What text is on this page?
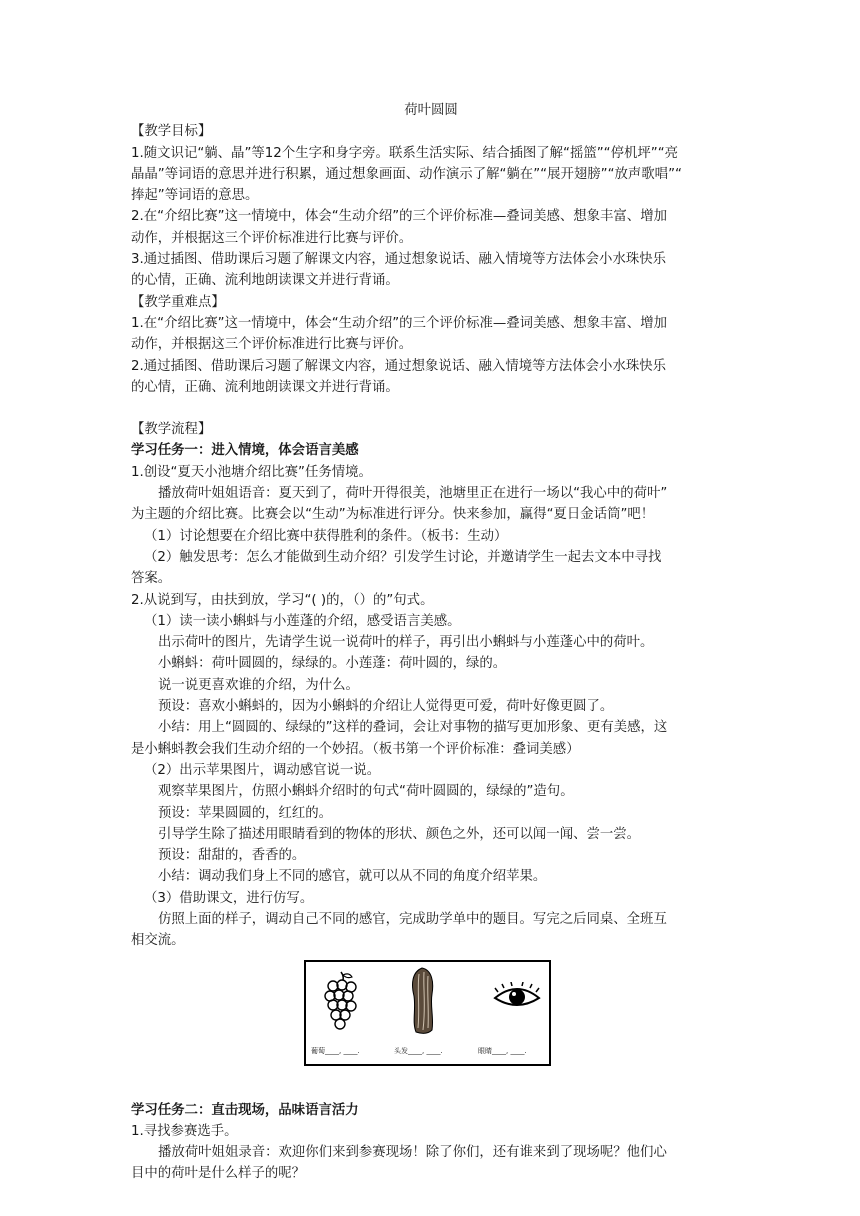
荷叶圆圆

【教学目标】

1.随文识记“躺、晶”等12个生字和身字旁。联系生活实际、结合插图了解“摇篮”“停机坪”“亮

晶晶”等词语的意思并进行积累，通过想象画面、动作演示了解“躺在”“展开翅膀”“放声歌唱”“

捧起”等词语的意思。

2.在“介绍比赛”这一情境中，体会“生动介绍”的三个评价标准—叠词美感、想象丰富、增加

动作，并根据这三个评价标准进行比赛与评价。

3.通过插图、借助课后习题了解课文内容，通过想象说话、融入情境等方法体会小水珠快乐

的心情，正确、流利地朗读课文并进行背诵。

【教学重难点】

1.在“介绍比赛”这一情境中，体会“生动介绍”的三个评价标准—叠词美感、想象丰富、增加

动作，并根据这三个评价标准进行比赛与评价。

2.通过插图、借助课后习题了解课文内容，通过想象说话、融入情境等方法体会小水珠快乐

的心情，正确、流利地朗读课文并进行背诵。

【教学流程】

学习任务一：进入情境，体会语言美感

1.创设“夏天小池塘介绍比赛”任务情境。

播放荷叶姐姐语音：夏天到了，荷叶开得很美，池塘里正在进行一场以“我心中的荷叶”

为主题的介绍比赛。比赛会以“生动”为标准进行评分。快来参加，赢得“夏日金话筒”吧！

（1）讨论想要在介绍比赛中获得胜利的条件。（板书：生动）

（2）触发思考：怎么才能做到生动介绍？引发学生讨论，并邀请学生一起去文本中寻找

答案。

2.从说到写，由扶到放，学习“( )的，（）的”句式。

（1）读一读小蝌蚪与小莲蓬的介绍，感受语言美感。

出示荷叶的图片，先请学生说一说荷叶的样子，再引出小蝌蚪与小莲蓬心中的荷叶。

小蝌蚪：荷叶圆圆的，绿绿的。小莲蓬：荷叶圆的，绿的。

说一说更喜欢谁的介绍，为什么。

预设：喜欢小蝌蚪的，因为小蝌蚪的介绍让人觉得更可爱，荷叶好像更圆了。

小结：用上“圆圆的、绿绿的”这样的叠词，会让对事物的描写更加形象、更有美感，这

是小蝌蚪教会我们生动介绍的一个妙招。（板书第一个评价标准：叠词美感）

（2）出示苹果图片，调动感官说一说。

观察苹果图片，仿照小蝌蚪介绍时的句式“荷叶圆圆的，绿绿的”造句。

预设：苹果圆圆的，红红的。

引导学生除了描述用眼睛看到的物体的形状、颜色之外，还可以闻一闻、尝一尝。

预设：甜甜的，香香的。

小结：调动我们身上不同的感官，就可以从不同的角度介绍苹果。

（3）借助课文，进行仿写。

仿照上面的样子，调动自己不同的感官，完成助学单中的题目。写完之后同桌、全班互

相交流。

葡萄____, ____.	头发____, ____.	眼睛____, ____.

学习任务二：直击现场，品味语言活力

1.寻找参赛选手。

播放荷叶姐姐录音：欢迎你们来到参赛现场！除了你们，还有谁来到了现场呢？他们心

目中的荷叶是什么样子的呢？
